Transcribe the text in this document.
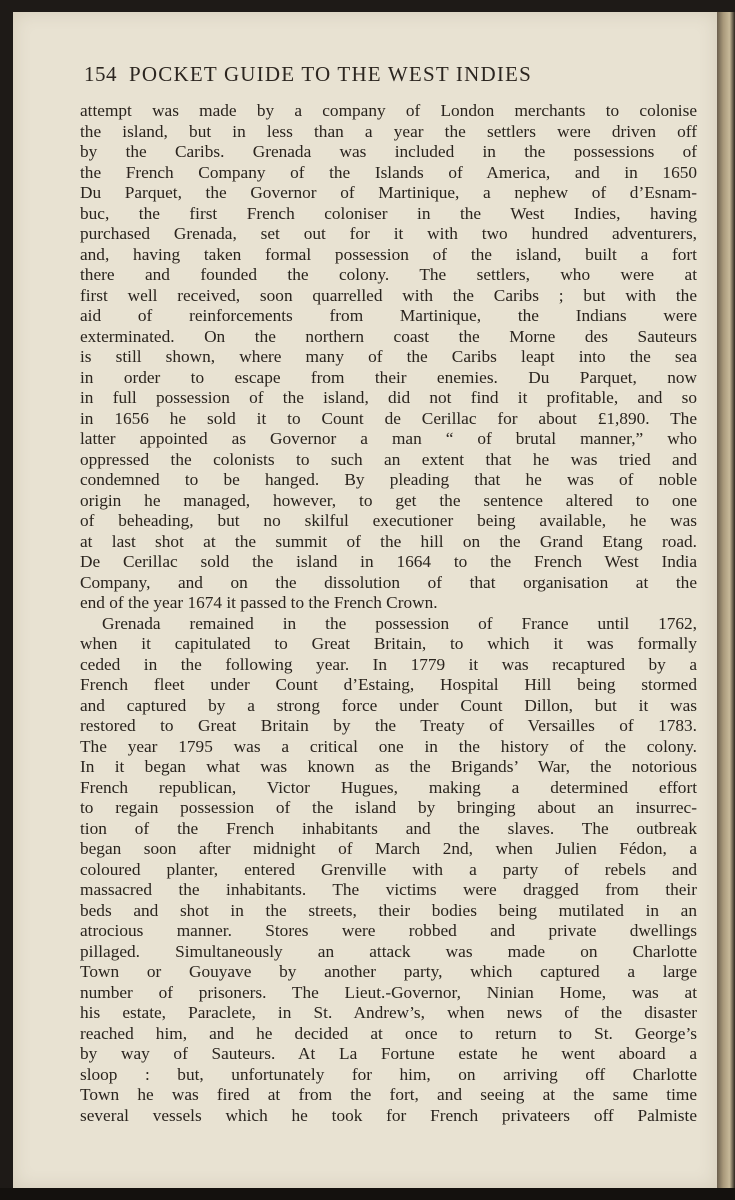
154 POCKET GUIDE TO THE WEST INDIES
attempt was made by a company of London merchants to colonise
the island, but in less than a year the settlers were driven off
by the Caribs. Grenada was included in the possessions of
the French Company of the Islands of America, and in 1650
Du Parquet, the Governor of Martinique, a nephew of d’Esnam-
buc, the first French coloniser in the West Indies, having
purchased Grenada, set out for it with two hundred adventurers,
and, having taken formal possession of the island, built a fort
there and founded the colony. The settlers, who were at
first well received, soon quarrelled with the Caribs ; but with the
aid of reinforcements from Martinique, the Indians were
exterminated. On the northern coast the Morne des Sauteurs
is still shown, where many of the Caribs leapt into the sea
in order to escape from their enemies. Du Parquet, now
in full possession of the island, did not find it profitable, and so
in 1656 he sold it to Count de Cerillac for about £1,890. The
latter appointed as Governor a man “ of brutal manner,” who
oppressed the colonists to such an extent that he was tried and
condemned to be hanged. By pleading that he was of noble
origin he managed, however, to get the sentence altered to one
of beheading, but no skilful executioner being available, he was
at last shot at the summit of the hill on the Grand Etang road.
De Cerillac sold the island in 1664 to the French West India
Company, and on the dissolution of that organisation at the
end of the year 1674 it passed to the French Crown.
Grenada remained in the possession of France until 1762,
when it capitulated to Great Britain, to which it was formally
ceded in the following year. In 1779 it was recaptured by a
French fleet under Count d’Estaing, Hospital Hill being stormed
and captured by a strong force under Count Dillon, but it was
restored to Great Britain by the Treaty of Versailles of 1783.
The year 1795 was a critical one in the history of the colony.
In it began what was known as the Brigands’ War, the notorious
French republican, Victor Hugues, making a determined effort
to regain possession of the island by bringing about an insurrec-
tion of the French inhabitants and the slaves. The outbreak
began soon after midnight of March 2nd, when Julien Fédon, a
coloured planter, entered Grenville with a party of rebels and
massacred the inhabitants. The victims were dragged from their
beds and shot in the streets, their bodies being mutilated in an
atrocious manner. Stores were robbed and private dwellings
pillaged. Simultaneously an attack was made on Charlotte
Town or Gouyave by another party, which captured a large
number of prisoners. The Lieut.-Governor, Ninian Home, was at
his estate, Paraclete, in St. Andrew’s, when news of the disaster
reached him, and he decided at once to return to St. George’s
by way of Sauteurs. At La Fortune estate he went aboard a
sloop : but, unfortunately for him, on arriving off Charlotte
Town he was fired at from the fort, and seeing at the same time
several vessels which he took for French privateers off Palmiste
